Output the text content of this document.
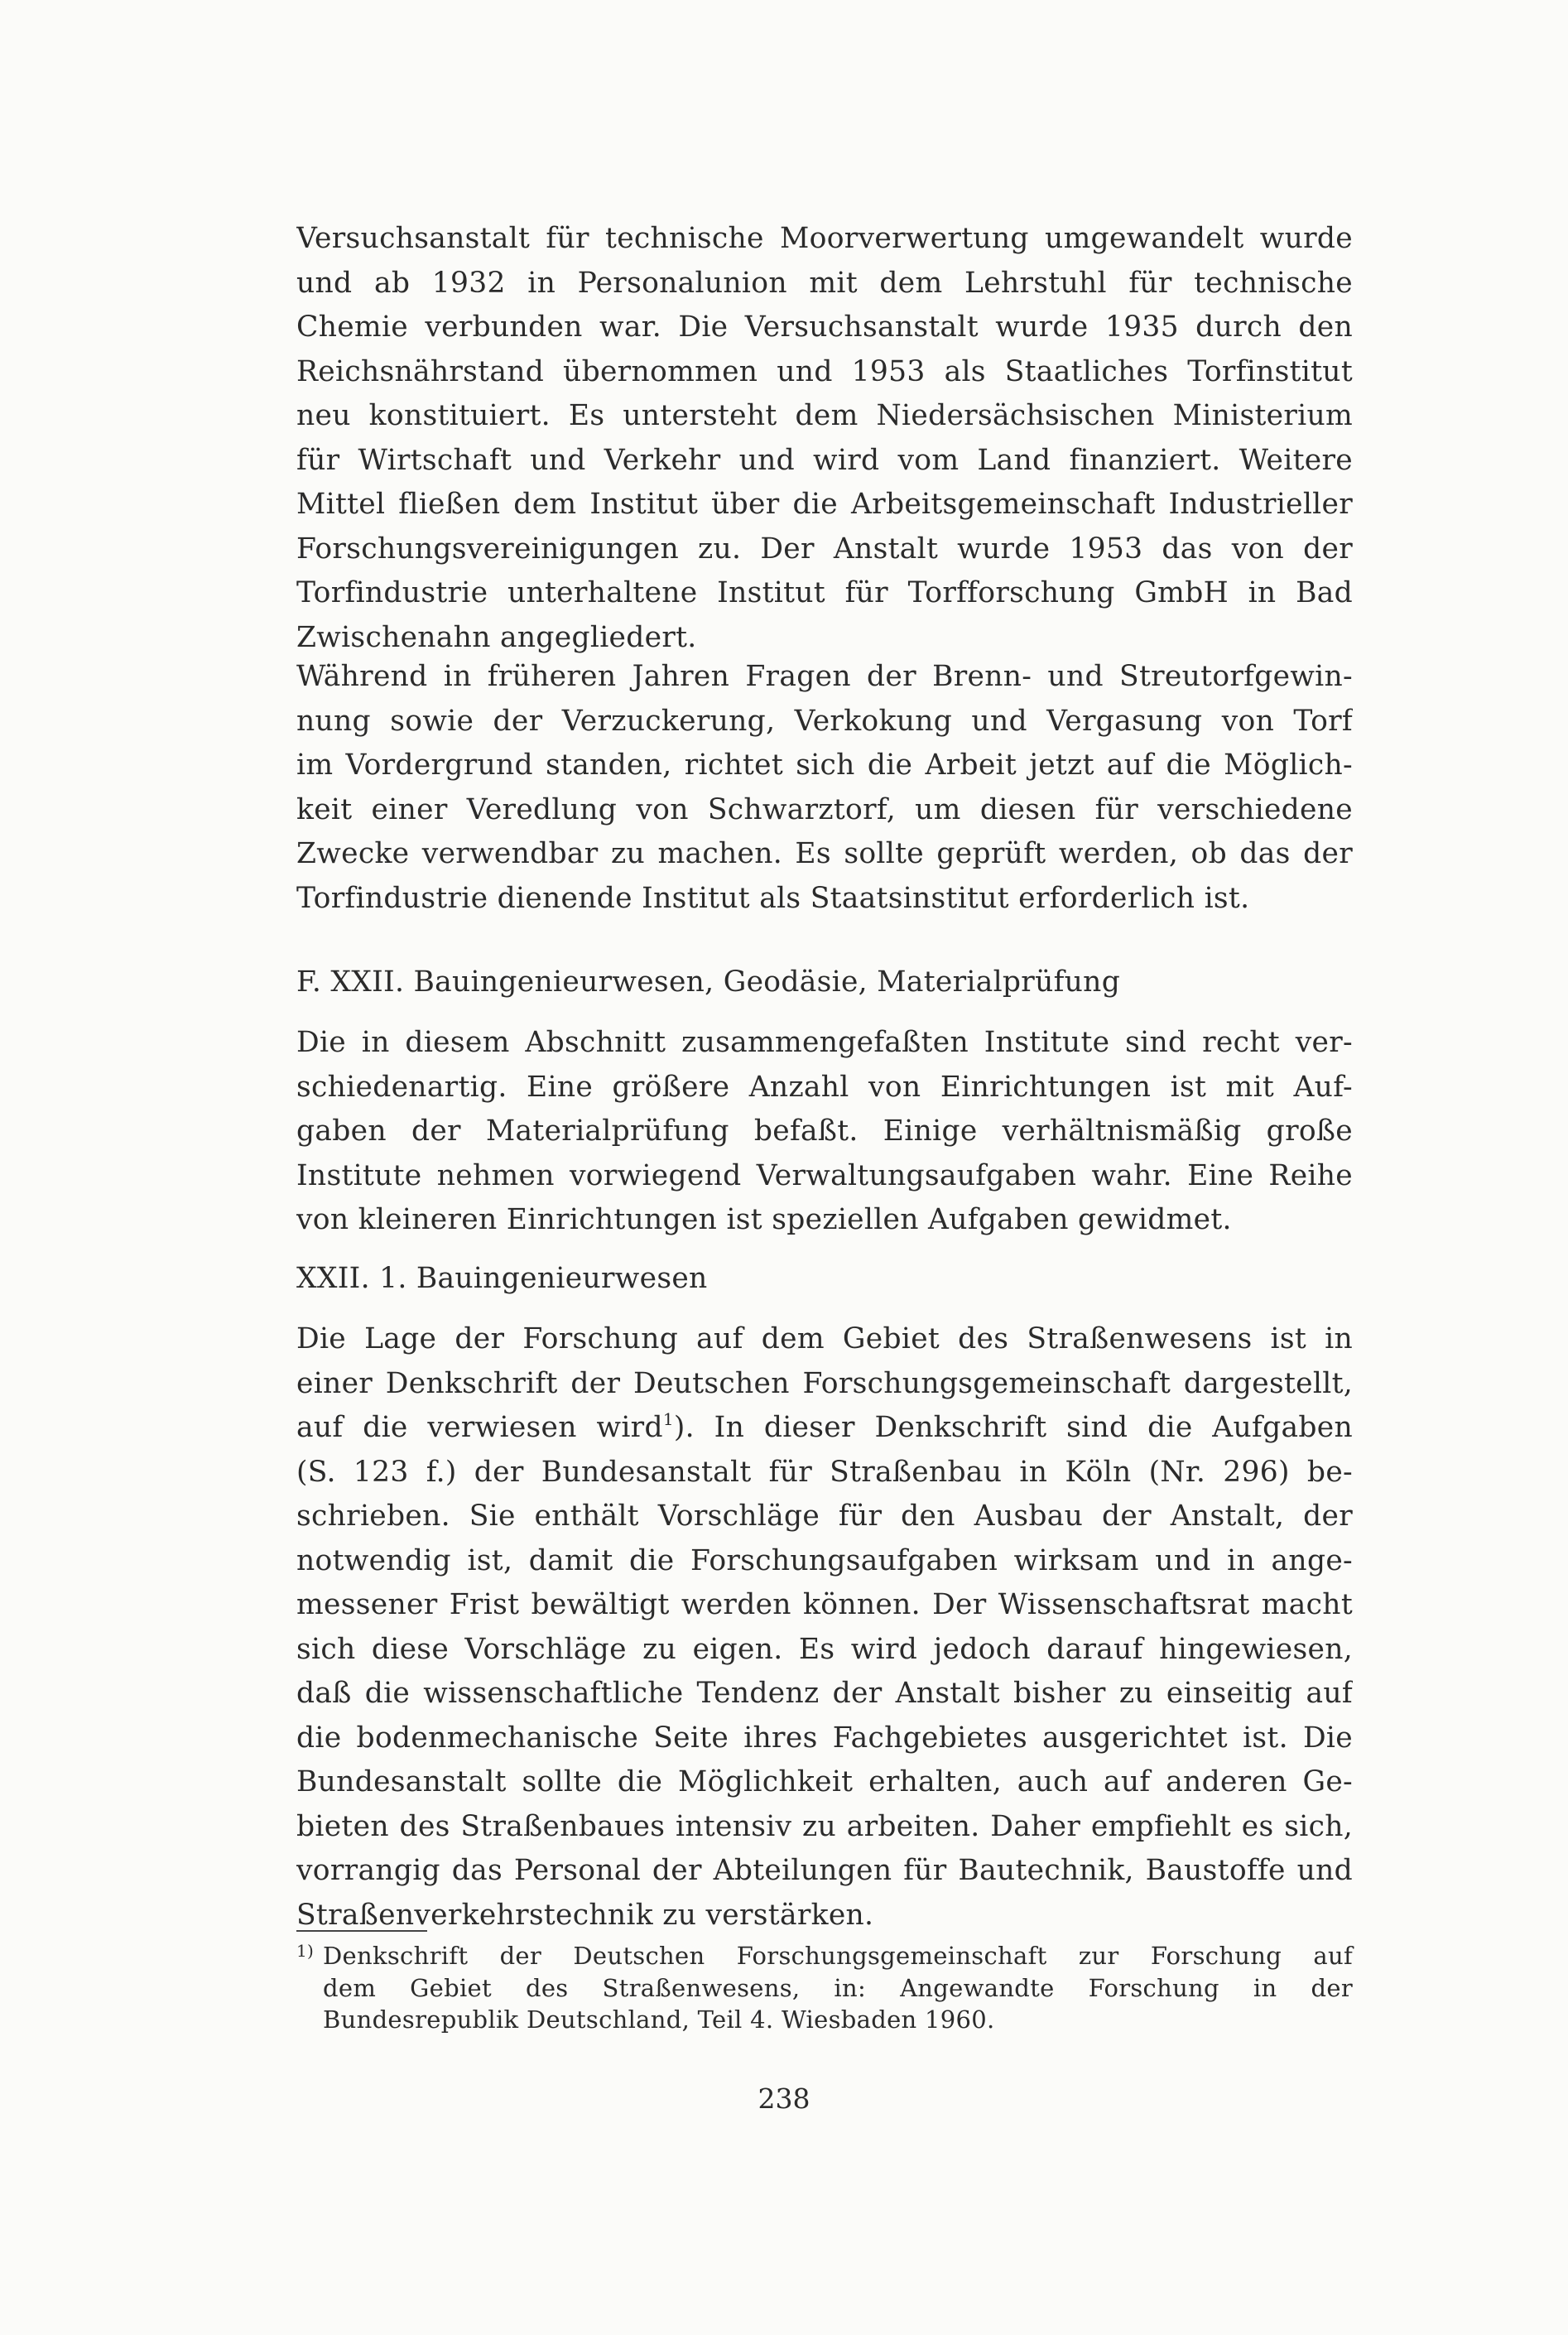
Versuchsanstalt für technische Moorverwertung umgewandelt wurde
und ab 1932 in Personalunion mit dem Lehrstuhl für technische
Chemie verbunden war. Die Versuchsanstalt wurde 1935 durch den
Reichsnährstand übernommen und 1953 als Staatliches Torfinstitut
neu konstituiert. Es untersteht dem Niedersächsischen Ministerium
für Wirtschaft und Verkehr und wird vom Land finanziert. Weitere
Mittel fließen dem Institut über die Arbeitsgemeinschaft Industrieller
Forschungsvereinigungen zu. Der Anstalt wurde 1953 das von der
Torfindustrie unterhaltene Institut für Torfforschung GmbH in Bad
Zwischenahn angegliedert.
Während in früheren Jahren Fragen der Brenn- und Streutorfgewin-
nung sowie der Verzuckerung, Verkokung und Vergasung von Torf
im Vordergrund standen, richtet sich die Arbeit jetzt auf die Möglich-
keit einer Veredlung von Schwarztorf, um diesen für verschiedene
Zwecke verwendbar zu machen. Es sollte geprüft werden, ob das der
Torfindustrie dienende Institut als Staatsinstitut erforderlich ist.
F. XXII. Bauingenieurwesen, Geodäsie, Materialprüfung
Die in diesem Abschnitt zusammengefaßten Institute sind recht ver-
schiedenartig. Eine größere Anzahl von Einrichtungen ist mit Auf-
gaben der Materialprüfung befaßt. Einige verhältnismäßig große
Institute nehmen vorwiegend Verwaltungsaufgaben wahr. Eine Reihe
von kleineren Einrichtungen ist speziellen Aufgaben gewidmet.
XXII. 1. Bauingenieurwesen
Die Lage der Forschung auf dem Gebiet des Straßenwesens ist in
einer Denkschrift der Deutschen Forschungsgemeinschaft dargestellt,
auf die verwiesen wird$^1$). In dieser Denkschrift sind die Aufgaben
(S. 123 f.) der Bundesanstalt für Straßenbau in Köln (Nr. 296) be-
schrieben. Sie enthält Vorschläge für den Ausbau der Anstalt, der
notwendig ist, damit die Forschungsaufgaben wirksam und in ange-
messener Frist bewältigt werden können. Der Wissenschaftsrat macht
sich diese Vorschläge zu eigen. Es wird jedoch darauf hingewiesen,
daß die wissenschaftliche Tendenz der Anstalt bisher zu einseitig auf
die bodenmechanische Seite ihres Fachgebietes ausgerichtet ist. Die
Bundesanstalt sollte die Möglichkeit erhalten, auch auf anderen Ge-
bieten des Straßenbaues intensiv zu arbeiten. Daher empfiehlt es sich,
vorrangig das Personal der Abteilungen für Bautechnik, Baustoffe und
Straßenverkehrstechnik zu verstärken.
1) Denkschrift der Deutschen Forschungsgemeinschaft zur Forschung auf
dem Gebiet des Straßenwesens, in: Angewandte Forschung in der
Bundesrepublik Deutschland, Teil 4. Wiesbaden 1960.
238
